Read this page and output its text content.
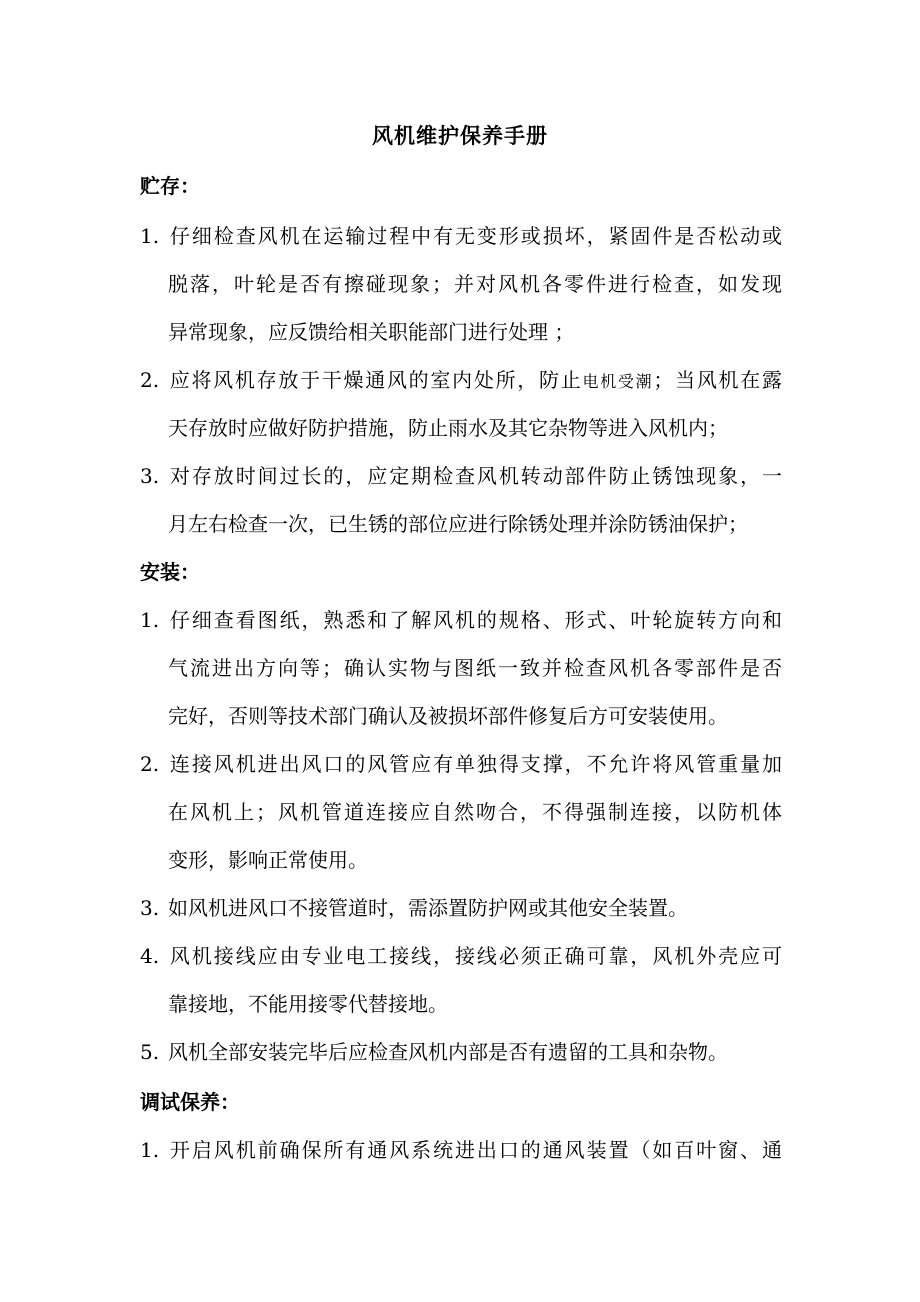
风机维护保养手册
贮存：
1. 仔细检查风机在运输过程中有无变形或损坏，紧固件是否松动或
脱落，叶轮是否有擦碰现象；并对风机各零件进行检查，如发现
异常现象，应反馈给相关职能部门进行处理 ；
2. 应将风机存放于干燥通风的室内处所，防止电机受潮；当风机在露
天存放时应做好防护措施，防止雨水及其它杂物等进入风机内；
3. 对存放时间过长的，应定期检查风机转动部件防止锈蚀现象，一
月左右检查一次，已生锈的部位应进行除锈处理并涂防锈油保护；
安装：
1. 仔细查看图纸，熟悉和了解风机的规格、形式、叶轮旋转方向和
气流进出方向等；确认实物与图纸一致并检查风机各零部件是否
完好，否则等技术部门确认及被损坏部件修复后方可安装使用。
2. 连接风机进出风口的风管应有单独得支撑，不允许将风管重量加
在风机上；风机管道连接应自然吻合，不得强制连接，以防机体
变形，影响正常使用。
3. 如风机进风口不接管道时，需添置防护网或其他安全装置。
4. 风机接线应由专业电工接线，接线必须正确可靠，风机外壳应可
靠接地，不能用接零代替接地。
5. 风机全部安装完毕后应检查风机内部是否有遗留的工具和杂物。
调试保养：
1. 开启风机前确保所有通风系统进出口的通风装置（如百叶窗、通
